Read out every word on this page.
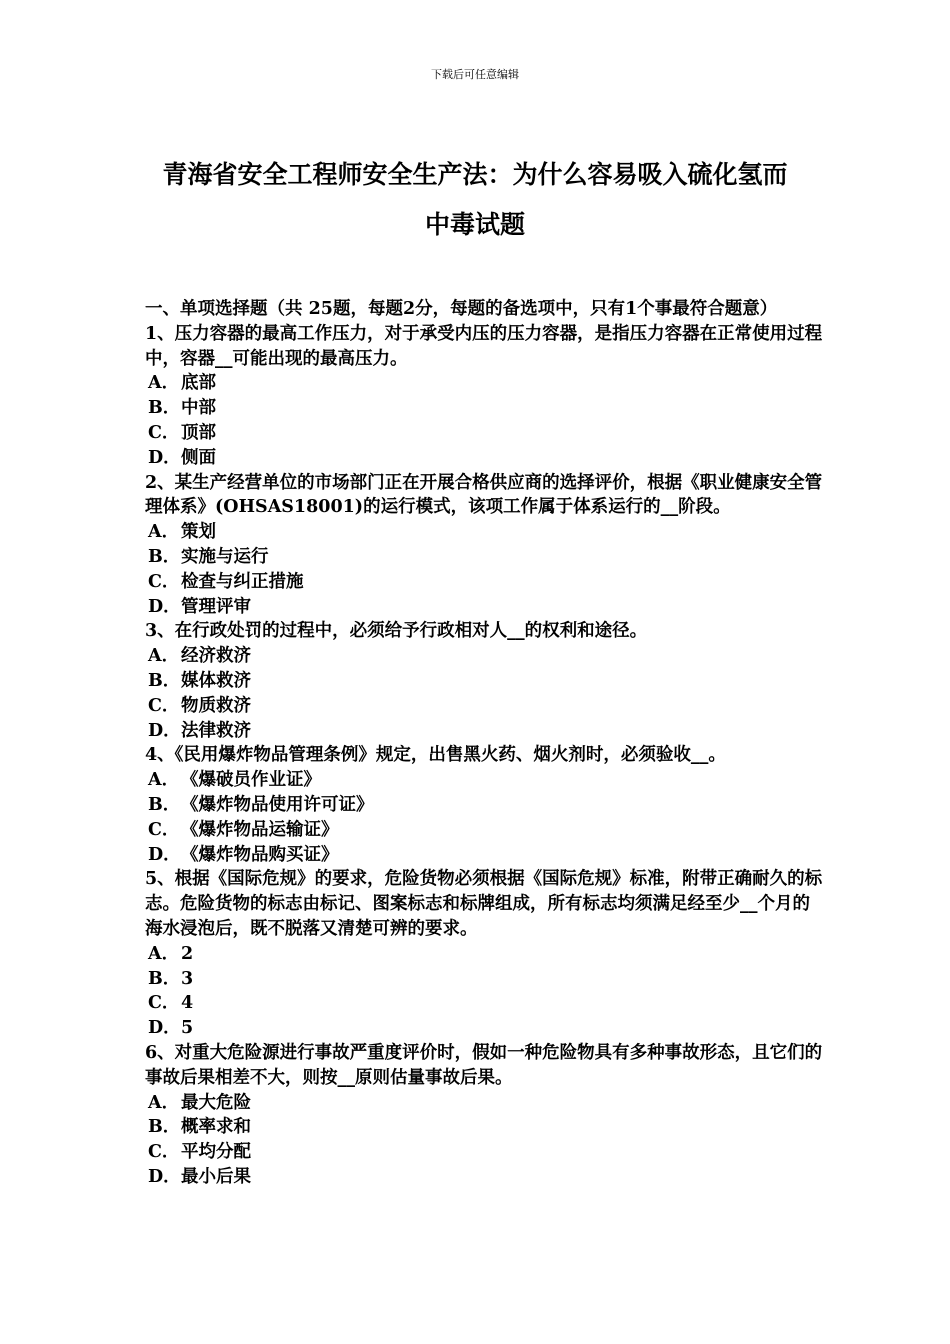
下载后可任意编辑
青海省安全工程师安全生产法：为什么容易吸入硫化氢而
中毒试题

一、单项选择题（共 25题，每题2分，每题的备选项中，只有1个事最符合题意）

1、压力容器的最高工作压力，对于承受内压的压力容器，是指压力容器在正常使用过程中，容器__可能出现的最高压力。

A． 底部
B．中部
C．顶部
D．侧面

2、某生产经营单位的市场部门正在开展合格供应商的选择评价，根据《职业健康安全管理体系》(OHSAS18001)的运行模式，该项工作属于体系运行的__阶段。

A． 策划
B．实施与运行
C．检查与纠正措施
D．管理评审

3、在行政处罚的过程中，必须给予行政相对人__的权利和途径。

A． 经济救济
B．媒体救济
C．物质救济
D．法律救济

4、《民用爆炸物品管理条例》规定，出售黑火药、烟火剂时，必须验收__。

A． 《爆破员作业证》
B．《爆炸物品使用许可证》
C．《爆炸物品运输证》
D．《爆炸物品购买证》

5、根据《国际危规》的要求，危险货物必须根据《国际危规》标准，附带正确耐久的标志。危险货物的标志由标记、图案标志和标牌组成，所有标志均须满足经至少__个月的海水浸泡后，既不脱落又清楚可辨的要求。

A． 2
B．3
C．4
D．5

6、对重大危险源进行事故严重度评价时，假如一种危险物具有多种事故形态，且它们的事故后果相差不大，则按__原则估量事故后果。

A． 最大危险
B．概率求和
C．平均分配
D．最小后果
